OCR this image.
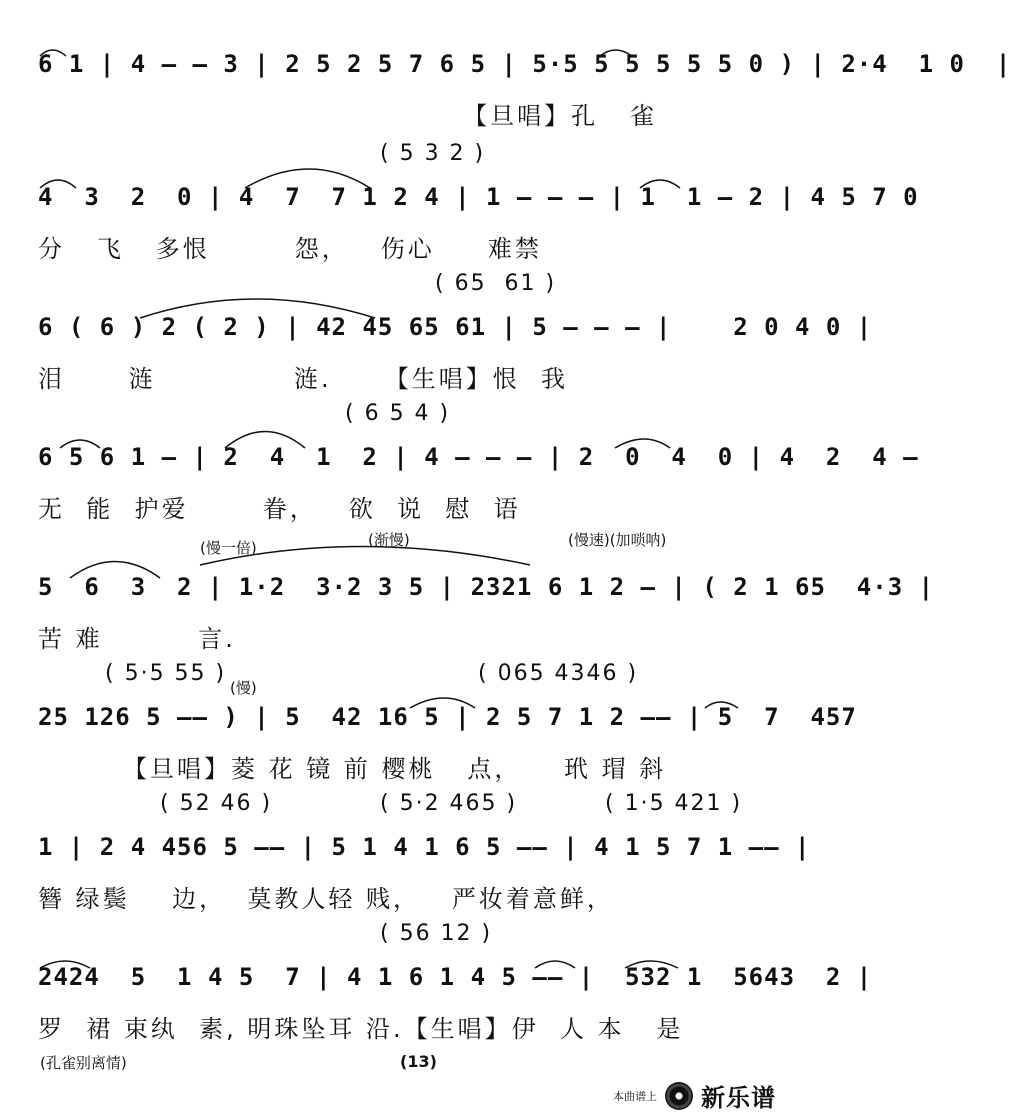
6 1 | 4 — — 3 | 2 5 2 5 7 6 5 | 5·5 5 5 5 5 5 0 ) | 2·4  1 0  |
【旦唱】孔   雀
( 5 3 2 )
4  3  2  0 | 4  7  7 1 2 4 | 1 — — — | 1  1 — 2 | 4 5 7 0
分   飞   多恨        怨，   伤心     难禁
( 65  61 )
6 ( 6 ) 2 ( 2 ) | 42 45 65 61 | 5 — — — |    2 0 4 0 |
泪      涟             涟.     【生唱】恨  我
( 6 5 4 )
6 5 6 1 — | 2  4  1  2 | 4 — — — | 2  0  4  0 | 4  2  4 —
无  能  护爱       眷，   欲  说  慰  语
(慢一倍)	(渐慢)	(慢速)(加唢呐)
5  6  3  2 | 1·2  3·2 3 5 | 2321 6 1 2 — | ( 2 1 65  4·3 |
苦 难         言.
( 5·5 55 )
(慢)
( 065 4346 )
25 126 5 —— ) | 5  42 16 5 | 2 5 7 1 2 —— | 5  7  457
【旦唱】菱 花 镜 前 樱桃   点，    玳 瑁 斜
( 52 46 )	( 5·2 465 )	( 1·5 421 )
1 | 2 4 456 5 —— | 5 1 4 1 6 5 —— | 4 1 5 7 1 —— |
簪 绿鬓    边，  莫教人轻 贱，   严妆着意鲜，
( 56 12 )
2424  5  1 4 5  7 | 4 1 6 1 4 5 —— |  532 1  5643  2 |
罗  裙 束纨  素, 明珠坠耳 沿.【生唱】伊  人 本   是
(孔雀别离情)	(13)
本曲谱上 新乐谱
